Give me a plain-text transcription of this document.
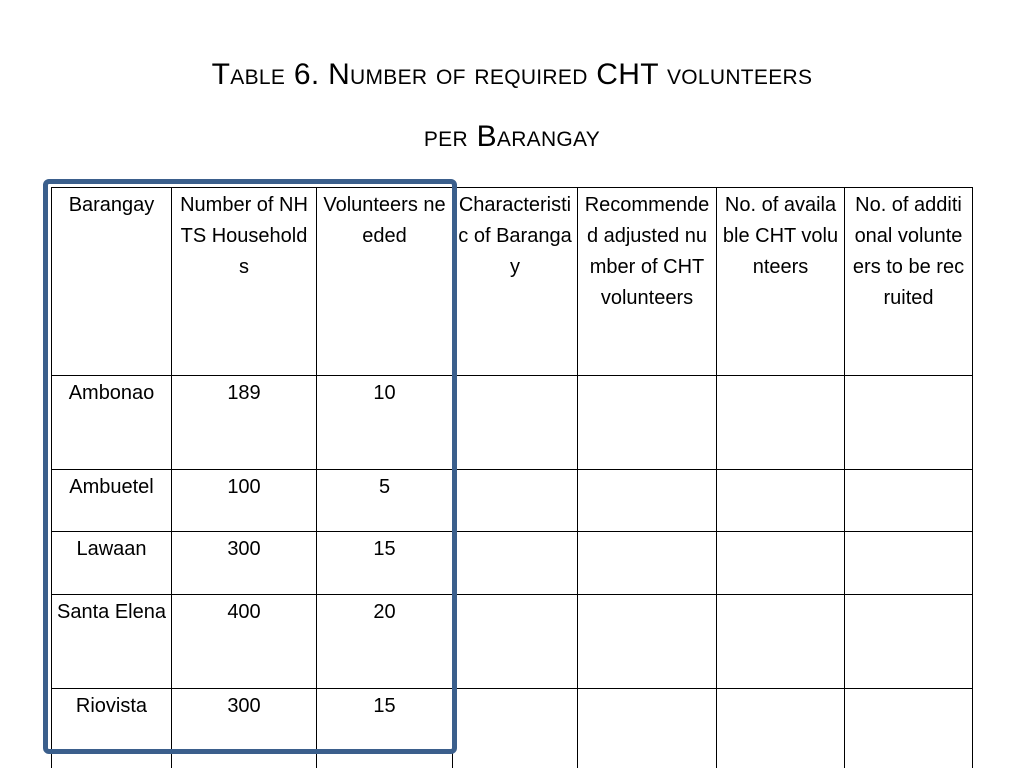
Table 6. Number of required CHT volunteers
per Barangay
Barangay	Number of NHTS Households	Volunteers needed	Characteristic of Barangay	Recommended adjusted number of CHT volunteers	No. of available CHT volunteers	No. of additional volunteers to be recruited
Ambonao	189	10				
Ambuetel	100	5				
Lawaan	300	15				
Santa Elena	400	20				
Riovista	300	15				
